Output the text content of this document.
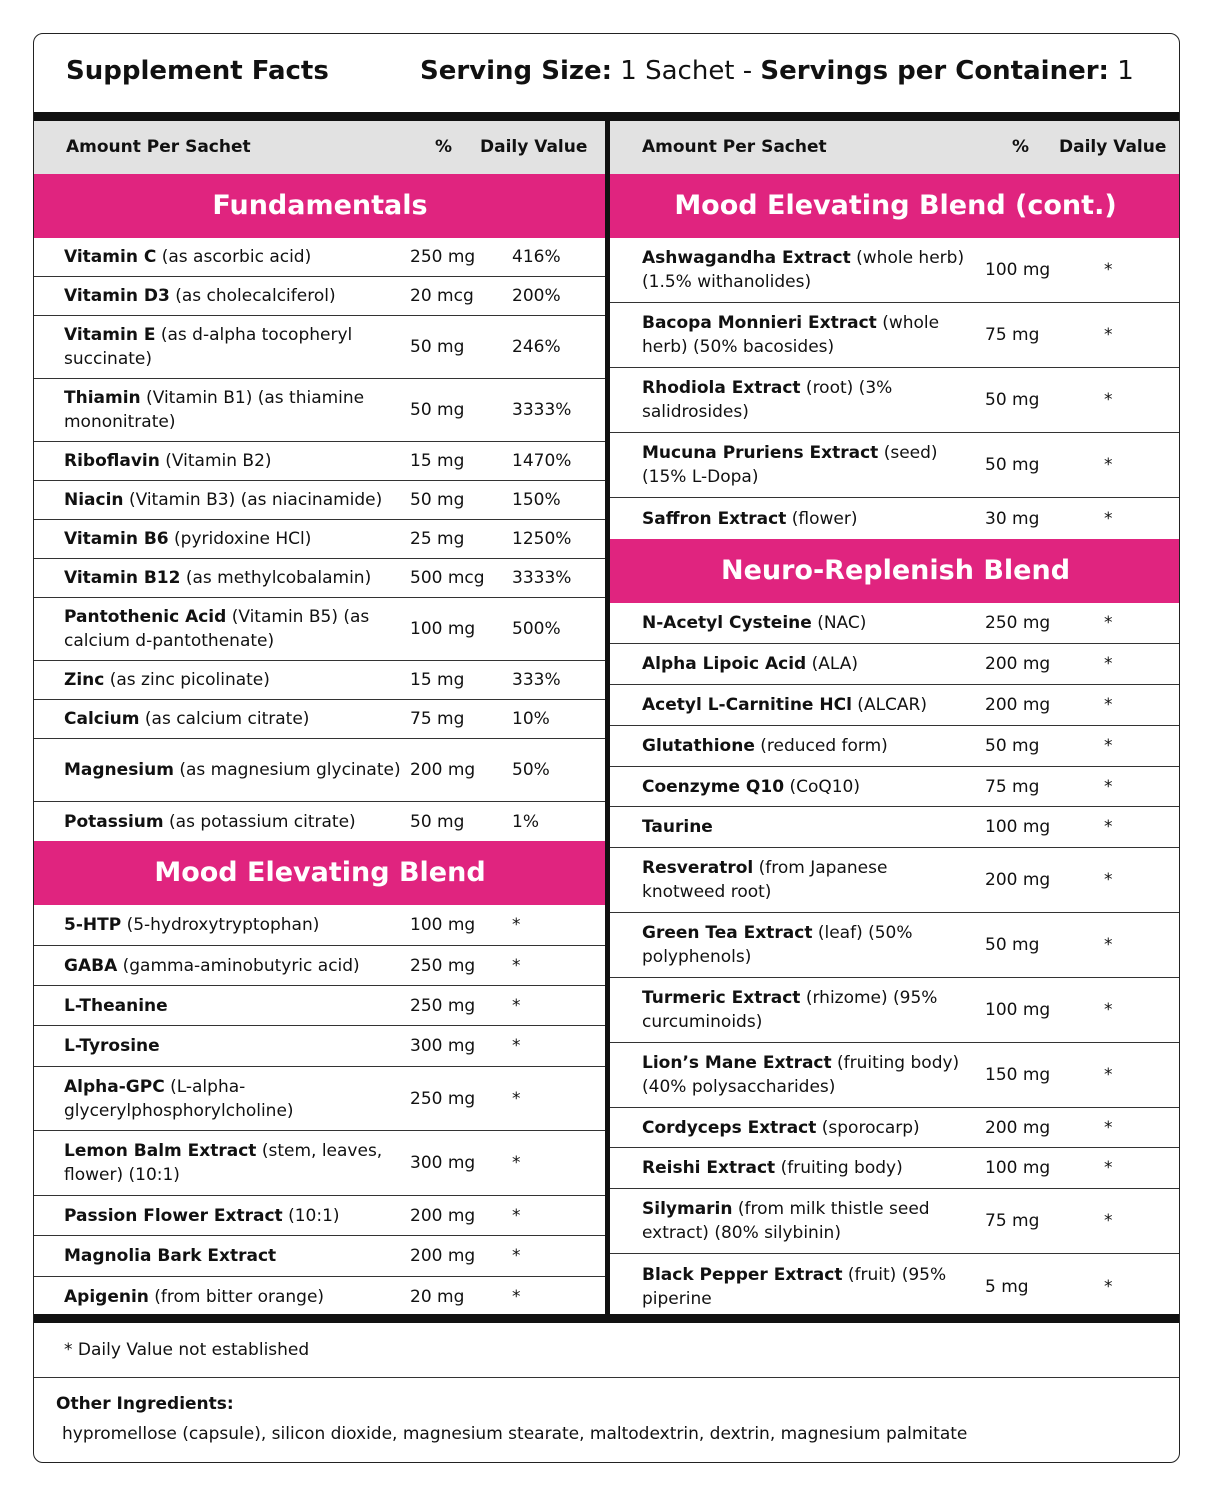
Supplement Facts	Serving Size: 1 Sachet - Servings per Container: 1
Amount Per Sachet	% Daily Value
Fundamentals
Vitamin C (as ascorbic acid)	250 mg 416%
Vitamin D3 (as cholecalciferol)	20 mcg 200%
Vitamin E (as d-alpha tocopheryl succinate)
50 mg	246%
Thiamin (Vitamin B1) (as thiamine mononitrate)
50 mg	3333%
Riboflavin (Vitamin B2)	15 mg	1470%
Niacin (Vitamin B3) (as niacinamide)	50 mg	150%
Vitamin B6 (pyridoxine HCl)	25 mg	1250%
Vitamin B12 (as methylcobalamin)	500 mcg 3333%
Pantothenic Acid (Vitamin B5) (as calcium d-pantothenate)
100 mg 500%
Zinc (as zinc picolinate)	15 mg	333%
Calcium (as calcium citrate)	75 mg	10%
Magnesium (as magnesium glycinate) 200 mg 50%
Potassium (as potassium citrate)	50 mg	1%
Mood Elevating Blend
5-HTP (5-hydroxytryptophan)	100 mg *
GABA (gamma-aminobutyric acid)	250 mg *
L-Theanine	250 mg *
L-Tyrosine	300 mg *
Alpha-GPC (L-alpha-glycerylphosphorylcholine)
250 mg *
Lemon Balm Extract (stem, leaves, flower) (10:1)
300 mg *
Passion Flower Extract (10:1)	200 mg *
Magnolia Bark Extract	200 mg *
Apigenin (from bitter orange)	20 mg	*
Amount Per Sachet	% Daily Value
Mood Elevating Blend (cont.)
Ashwagandha Extract (whole herb) (1.5% withanolides)
100 mg	*
Bacopa Monnieri Extract (whole herb) (50% bacosides)
75 mg	*
Rhodiola Extract (root) (3% salidrosides)
50 mg	*
Mucuna Pruriens Extract (seed) (15% L-Dopa)
50 mg	*
Saffron Extract (flower)	30 mg	*
Neuro-Replenish Blend
N-Acetyl Cysteine (NAC)	250 mg	*
Alpha Lipoic Acid (ALA)	200 mg	*
Acetyl L-Carnitine HCl (ALCAR)	200 mg	*
Glutathione (reduced form)	50 mg	*
Coenzyme Q10 (CoQ10)	75 mg	*
Taurine	100 mg	*
Resveratrol (from Japanese knotweed root)
200 mg	*
Green Tea Extract (leaf) (50% polyphenols)
50 mg	*
Turmeric Extract (rhizome) (95% curcuminoids)
100 mg	*
Lion’s Mane Extract (fruiting body) (40% polysaccharides)
150 mg	*
Cordyceps Extract (sporocarp)	200 mg	*
Reishi Extract (fruiting body)	100 mg	*
Silymarin (from milk thistle seed extract) (80% silybinin)
75 mg	*
Black Pepper Extract (fruit) (95% piperine
5 mg	*
* Daily Value not established
Other Ingredients:
hypromellose (capsule), silicon dioxide, magnesium stearate, maltodextrin, dextrin, magnesium palmitate
